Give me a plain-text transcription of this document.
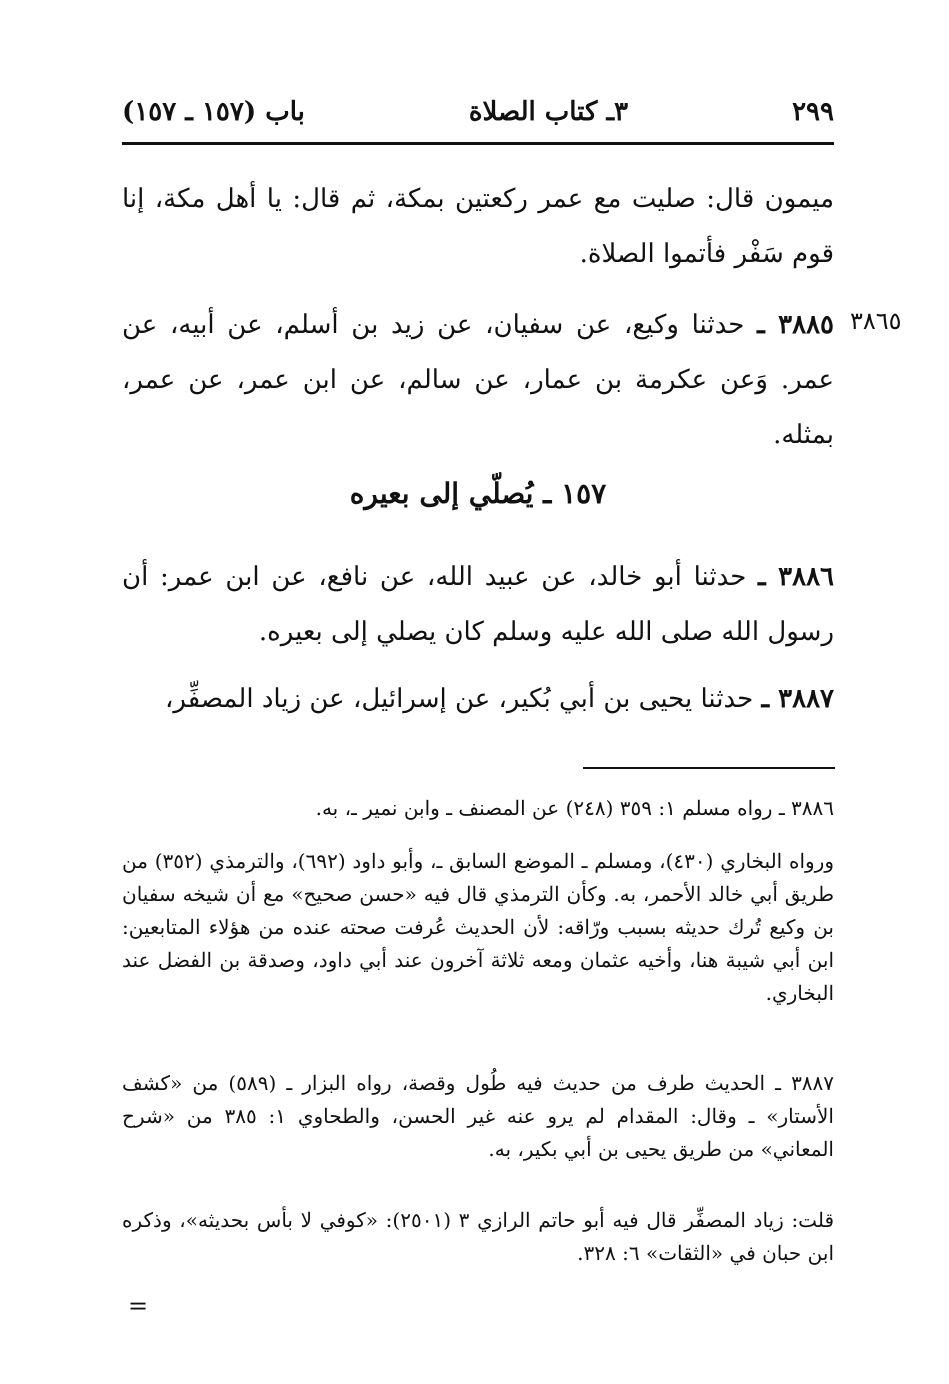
باب (١٥٧ ـ ١٥٧)	٣ـ كتاب الصلاة	٢٩٩
ميمون قال: صليت مع عمر ركعتين بمكة، ثم قال: يا أهل مكة، إنا قوم سَفْر فأتموا الصلاة.
٣٨٦٥
٣٨٨٥ ـ حدثنا وكيع، عن سفيان، عن زيد بن أسلم، عن أبيه، عن عمر. وَعن عكرمة بن عمار، عن سالم، عن ابن عمر، عن عمر، بمثله.
١٥٧ ـ يُصلّي إلى بعيره
٣٨٨٦ ـ حدثنا أبو خالد، عن عبيد الله، عن نافع، عن ابن عمر: أن رسول الله صلى الله عليه وسلم كان يصلي إلى بعيره.
٣٨٨٧ ـ حدثنا يحيى بن أبي بُكير، عن إسرائيل، عن زياد المصفِّر،
٣٨٨٦ ـ رواه مسلم ١: ٣٥٩ (٢٤٨) عن المصنف ـ وابن نمير ـ، به.
ورواه البخاري (٤٣٠)، ومسلم ـ الموضع السابق ـ، وأبو داود (٦٩٢)، والترمذي (٣٥٢) من طريق أبي خالد الأحمر، به. وكأن الترمذي قال فيه «حسن صحيح» مع أن شيخه سفيان بن وكيع تُرك حديثه بسبب ورّاقه: لأن الحديث عُرفت صحته عنده من هؤلاء المتابعين: ابن أبي شيبة هنا، وأخيه عثمان ومعه ثلاثة آخرون عند أبي داود، وصدقة بن الفضل عند البخاري.
٣٨٨٧ ـ الحديث طرف من حديث فيه طُول وقصة، رواه البزار ـ (٥٨٩) من «كشف الأستار» ـ وقال: المقدام لم يرو عنه غير الحسن، والطحاوي ١: ٣٨٥ من «شرح المعاني» من طريق يحيى بن أبي بكير، به.
قلت: زياد المصفِّر قال فيه أبو حاتم الرازي ٣ (٢٥٠١): «كوفي لا بأس بحديثه»، وذكره ابن حبان في «الثقات» ٦: ٣٢٨.
=
